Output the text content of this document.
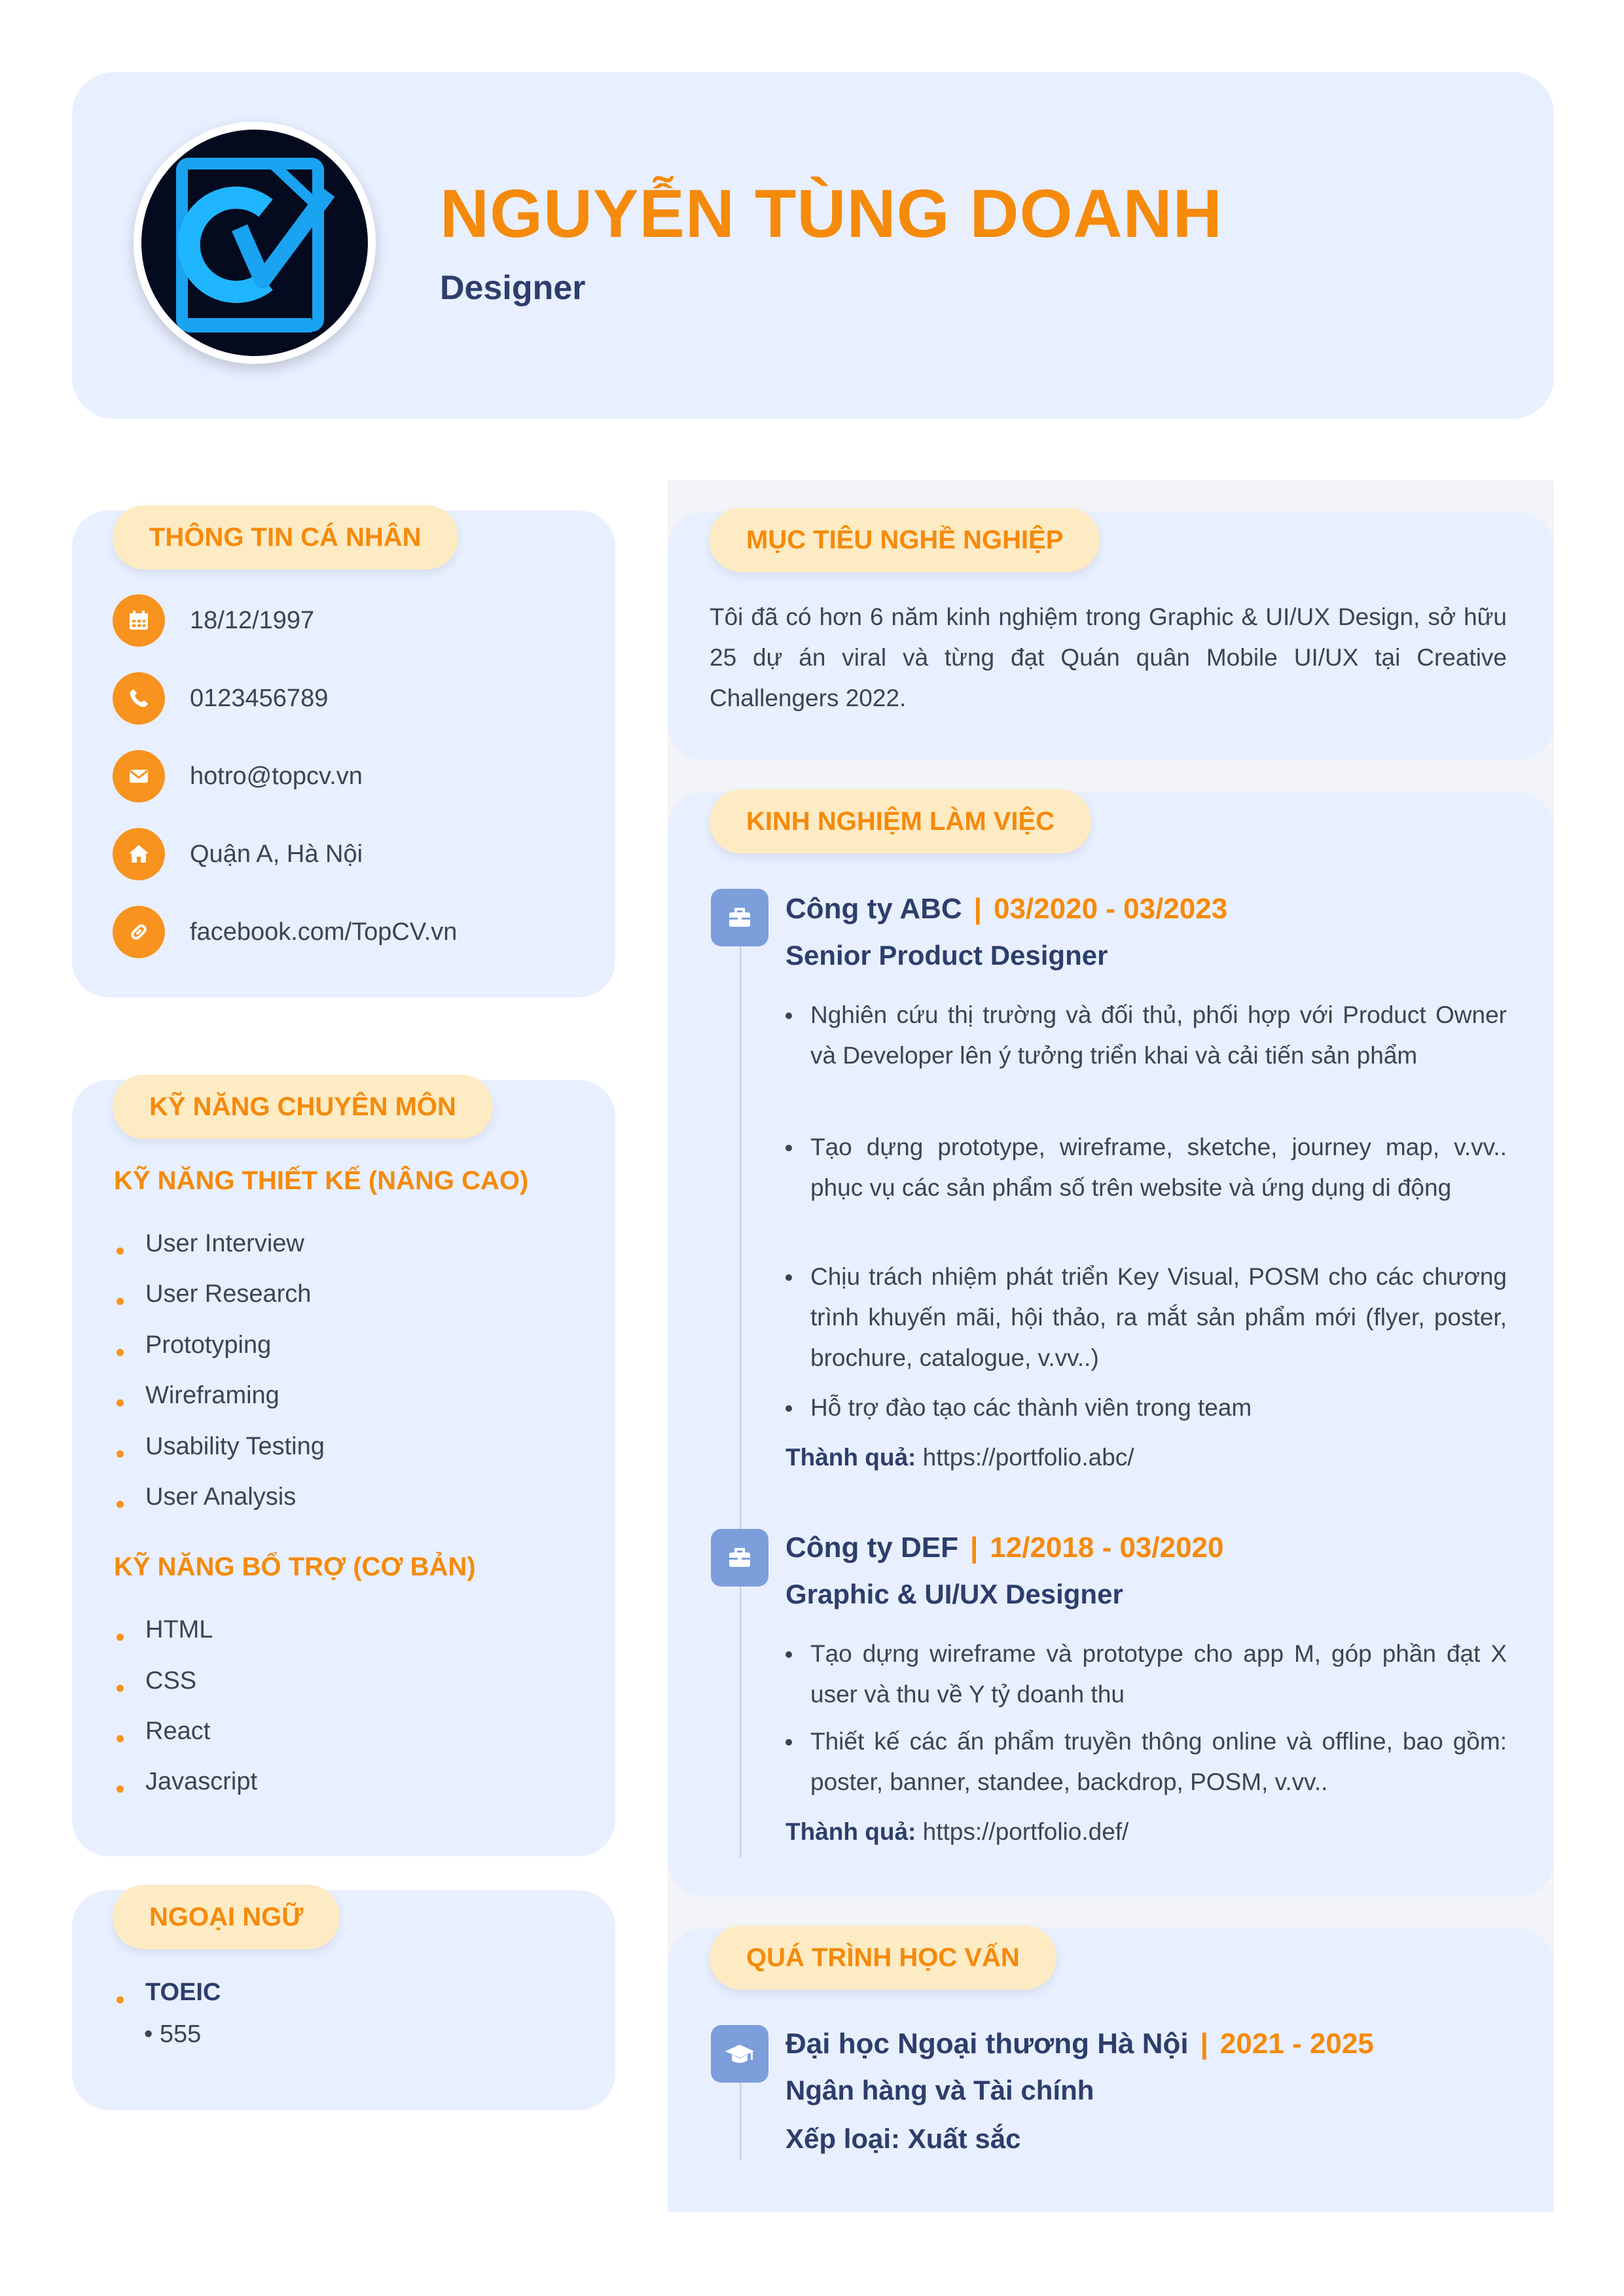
NGUYỄN TÙNG DOANH
Designer
THÔNG TIN CÁ NHÂN
18/12/1997
0123456789
hotro@topcv.vn
Quận A, Hà Nội
facebook.com/TopCV.vn
KỸ NĂNG CHUYÊN MÔN
KỸ NĂNG THIẾT KẾ (NÂNG CAO)
User Interview
User Research
Prototyping
Wireframing
Usability Testing
User Analysis
KỸ NĂNG BỔ TRỢ (CƠ BẢN)
HTML
CSS
React
Javascript
NGOẠI NGỮ
TOEIC
• 555
MỤC TIÊU NGHỀ NGHIỆP
Tôi đã có hơn 6 năm kinh nghiệm trong Graphic & UI/UX Design, sở hữu 25 dự án viral và từng đạt Quán quân Mobile UI/UX tại Creative Challengers 2022.
KINH NGHIỆM LÀM VIỆC
Công ty ABC | 03/2020 - 03/2023
Senior Product Designer
Nghiên cứu thị trường và đối thủ, phối hợp với Product Owner và Developer lên ý tưởng triển khai và cải tiến sản phẩm
Tạo dựng prototype, wireframe, sketche, journey map, v.vv.. phục vụ các sản phẩm số trên website và ứng dụng di động
Chịu trách nhiệm phát triển Key Visual, POSM cho các chương trình khuyến mãi, hội thảo, ra mắt sản phẩm mới (flyer, poster, brochure, catalogue, v.vv..)
Hỗ trợ đào tạo các thành viên trong team
Thành quả: https://portfolio.abc/
Công ty DEF | 12/2018 - 03/2020
Graphic & UI/UX Designer
Tạo dựng wireframe và prototype cho app M, góp phần đạt X user và thu về Y tỷ doanh thu
Thiết kế các ấn phẩm truyền thông online và offline, bao gồm: poster, banner, standee, backdrop, POSM, v.vv..
Thành quả: https://portfolio.def/
QUÁ TRÌNH HỌC VẤN
Đại học Ngoại thương Hà Nội | 2021 - 2025
Ngân hàng và Tài chính
Xếp loại: Xuất sắc
